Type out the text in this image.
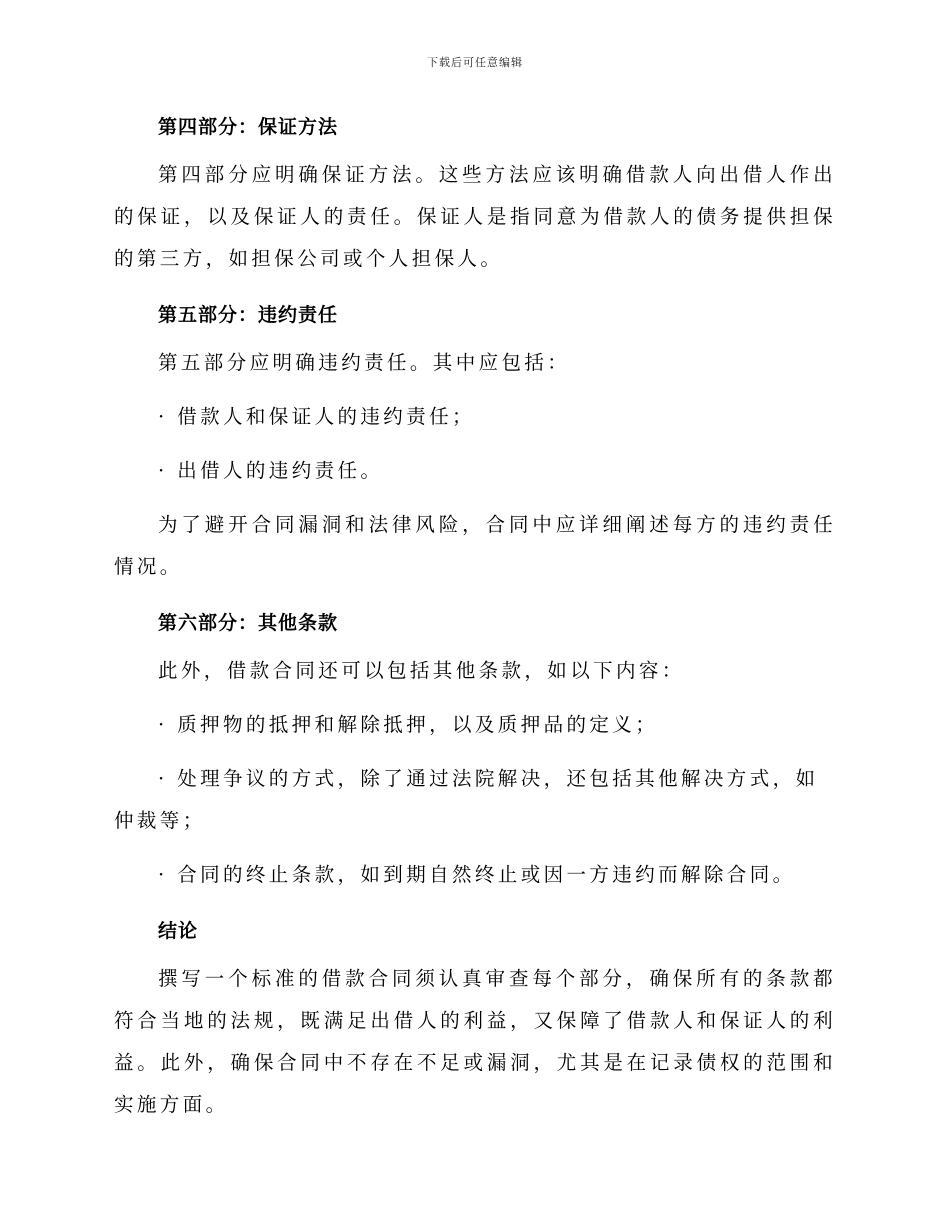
下载后可任意编辑
第四部分：保证方法

第四部分应明确保证方法。这些方法应该明确借款人向出借人作出的保证，以及保证人的责任。保证人是指同意为借款人的债务提供担保的第三方，如担保公司或个人担保人。

第五部分：违约责任

第五部分应明确违约责任。其中应包括：

· 借款人和保证人的违约责任；

· 出借人的违约责任。

为了避开合同漏洞和法律风险，合同中应详细阐述每方的违约责任情况。

第六部分：其他条款

此外，借款合同还可以包括其他条款，如以下内容：

· 质押物的抵押和解除抵押，以及质押品的定义；

· 处理争议的方式，除了通过法院解决，还包括其他解决方式，如仲裁等；

· 合同的终止条款，如到期自然终止或因一方违约而解除合同。

结论

撰写一个标准的借款合同须认真审查每个部分，确保所有的条款都符合当地的法规，既满足出借人的利益，又保障了借款人和保证人的利益。此外，确保合同中不存在不足或漏洞，尤其是在记录债权的范围和实施方面。
